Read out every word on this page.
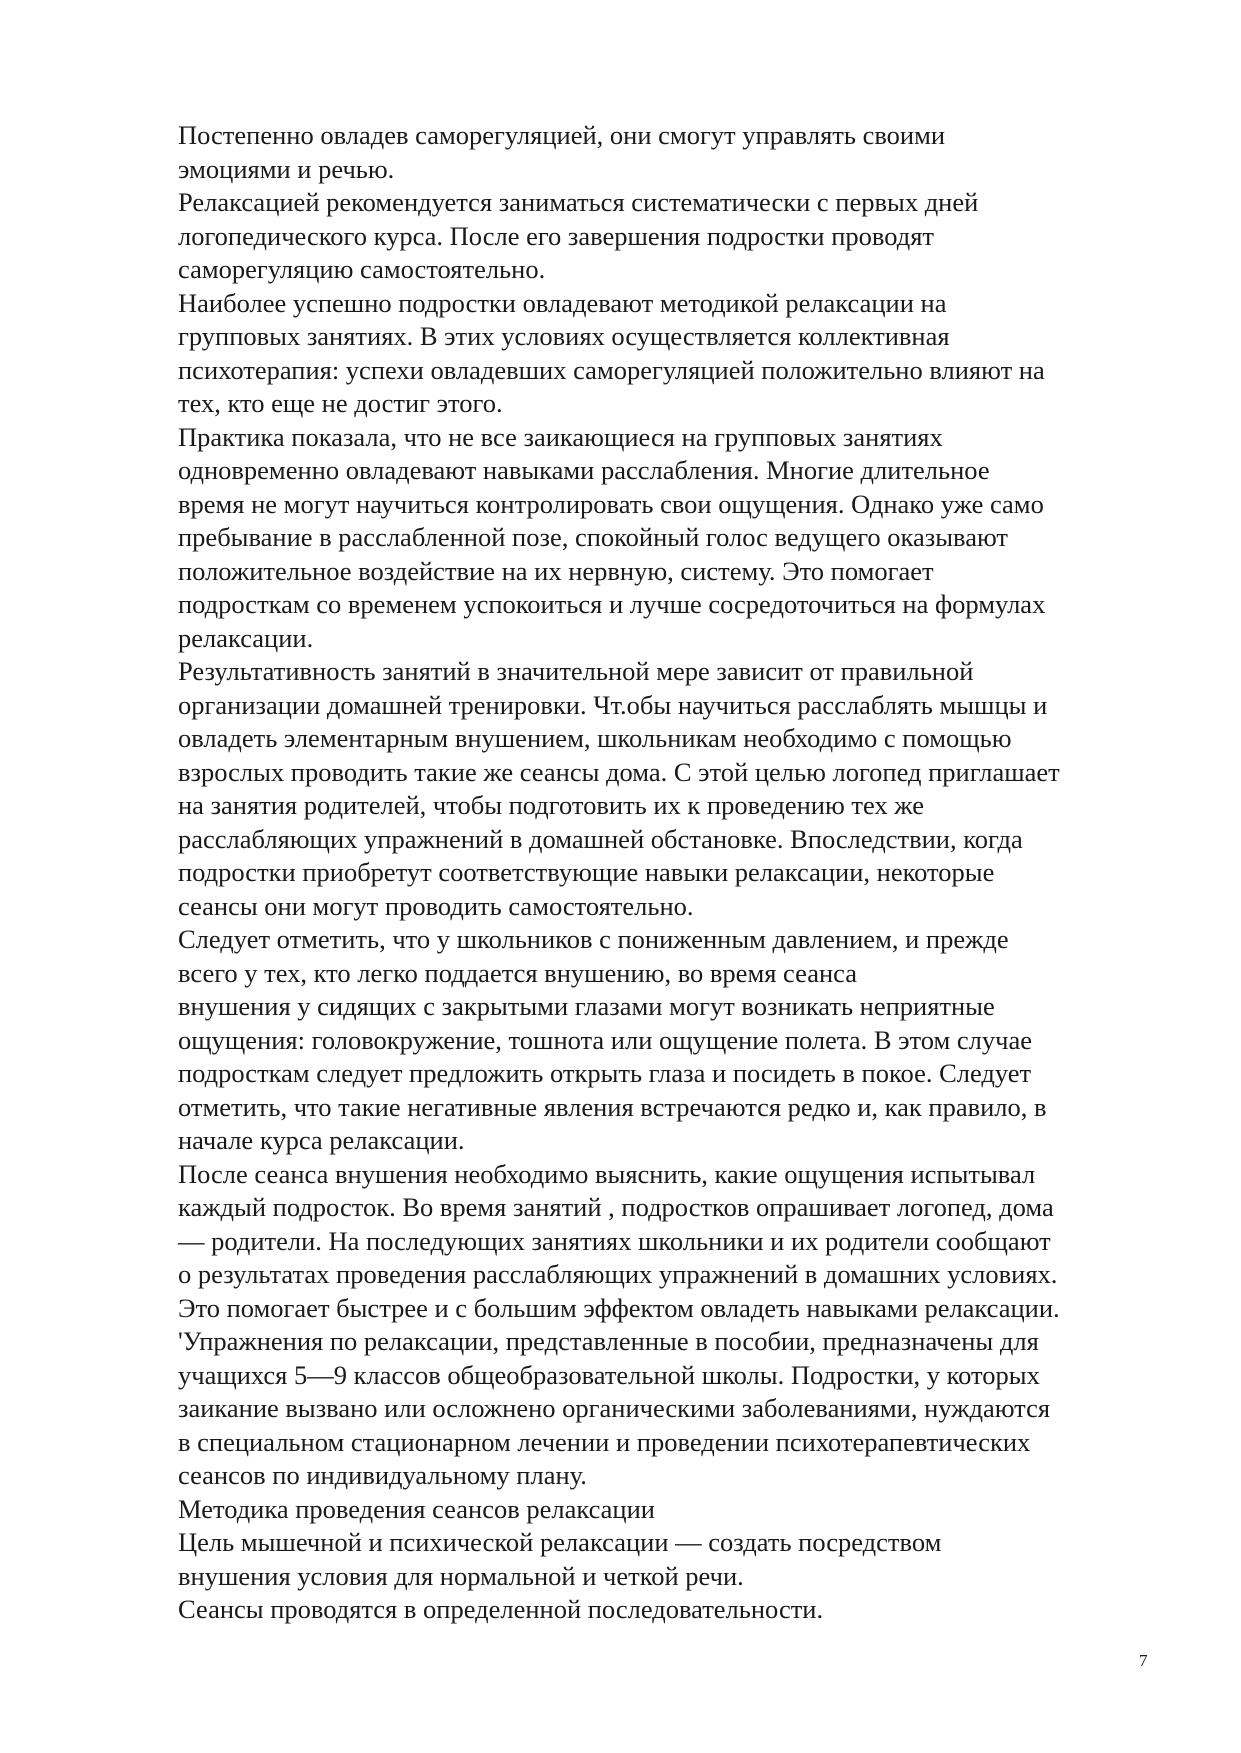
Постепенно овладев саморегуляцией, они смогут управлять своими
эмоциями и речью.
Релаксацией рекомендуется заниматься систематически с первых дней
логопедического курса. После его завершения подростки проводят
саморегуляцию самостоятельно.
Наиболее успешно подростки овладевают методикой релаксации на
групповых занятиях. В этих условиях осуществляется коллективная
психотерапия: успехи овладевших саморегуляцией положительно влияют на
тех, кто еще не достиг этого.
Практика показала, что не все заикающиеся на групповых занятиях
одновременно овладевают навыками расслабления. Многие длительное
время не могут научиться контролировать свои ощущения. Однако уже само
пребывание в расслабленной позе, спокойный голос ведущего оказывают
положительное воздействие на их нервную, систему. Это помогает
подросткам со временем успокоиться и лучше сосредоточиться на формулах
релаксации.
Результативность занятий в значительной мере зависит от правильной
организации домашней тренировки. Чт.обы научиться расслаблять мышцы и
овладеть элементарным внушением, школьникам необходимо с помощью
взрослых проводить такие же сеансы дома. С этой целью логопед приглашает
на занятия родителей, чтобы подготовить их к проведению тех же
расслабляющих упражнений в домашней обстановке. Впоследствии, когда
подростки приобретут соответствующие навыки релаксации, некоторые
сеансы они могут проводить самостоятельно.
Следует отметить, что у школьников с пониженным давлением, и прежде
всего у тех, кто легко поддается внушению, во время сеанса
внушения у сидящих с закрытыми глазами могут возникать неприятные
ощущения: головокружение, тошнота или ощущение полета. В этом случае
подросткам следует предложить открыть глаза и посидеть в покое. Следует
отметить, что такие негативные явления встречаются редко и, как правило, в
начале курса релаксации.
После сеанса внушения необходимо выяснить, какие ощущения испытывал
каждый подросток. Во время занятий , подростков опрашивает логопед, дома
— родители. На последующих занятиях школьники и их родители сообщают
о результатах проведения расслабляющих упражнений в домашних условиях.
Это помогает быстрее и с большим эффектом овладеть навыками релаксации.
'Упражнения по релаксации, представленные в пособии, предназначены для
учащихся 5—9 классов общеобразовательной школы. Подростки, у которых
заикание вызвано или осложнено органическими заболеваниями, нуждаются
в специальном стационарном лечении и проведении психотерапевтических
сеансов по индивидуальному плану.
Методика проведения сеансов релаксации
Цель мышечной и психической релаксации — создать посредством
внушения условия для нормальной и четкой речи.
Сеансы проводятся в определенной последовательности.
7
